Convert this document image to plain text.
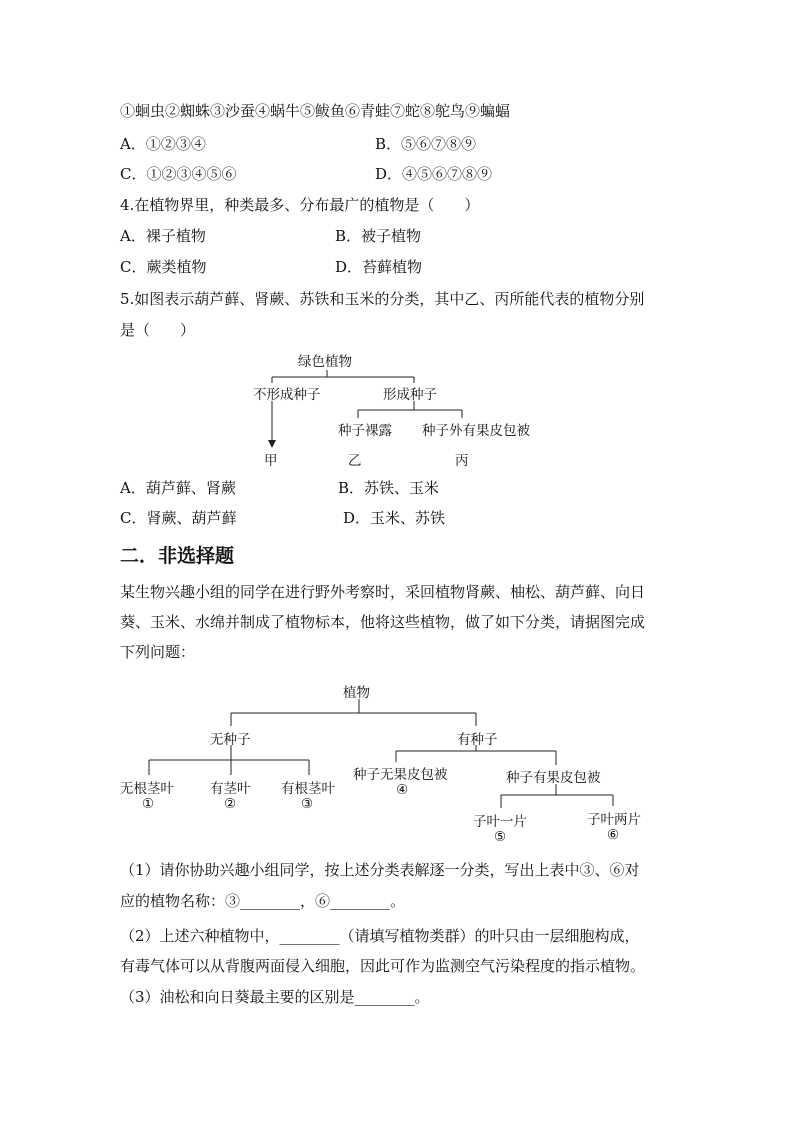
①蛔虫②蜘蛛③沙蚕④蜗牛⑤鲅鱼⑥青蛙⑦蛇⑧鸵鸟⑨蝙蝠
A．①②③④	B．⑤⑥⑦⑧⑨
C．①②③④⑤⑥	D．④⑤⑥⑦⑧⑨
4.在植物界里，种类最多、分布最广的植物是（　　）
A．裸子植物	B．被子植物
C．蕨类植物	D．苔藓植物
5.如图表示葫芦藓、肾蕨、苏铁和玉米的分类，其中乙、丙所能代表的植物分别
是（　　）
绿色植物
不形成种子	形成种子
种子裸露 种子外有果皮包被
甲	乙	丙
A．葫芦藓、肾蕨	B．苏铁、玉米
C．肾蕨、葫芦藓	D．玉米、苏铁
二．非选择题
某生物兴趣小组的同学在进行野外考察时，采回植物肾蕨、柚松、葫芦藓、向日
葵、玉米、水绵并制成了植物标本，他将这些植物，做了如下分类，请据图完成
下列问题：
植物
无种子	有种子
无根茎叶
①
有茎叶
②
有根茎叶
③
种子无果皮包被
④
种子有果皮包被
子叶一片
⑤
子叶两片
⑥
（1）请你协助兴趣小组同学，按上述分类表解逐一分类，写出上表中③、⑥对
应的植物名称：③________，⑥________。
（2）上述六种植物中，________（请填写植物类群）的叶只由一层细胞构成，
有毒气体可以从背腹两面侵入细胞，因此可作为监测空气污染程度的指示植物。
（3）油松和向日葵最主要的区别是________。
